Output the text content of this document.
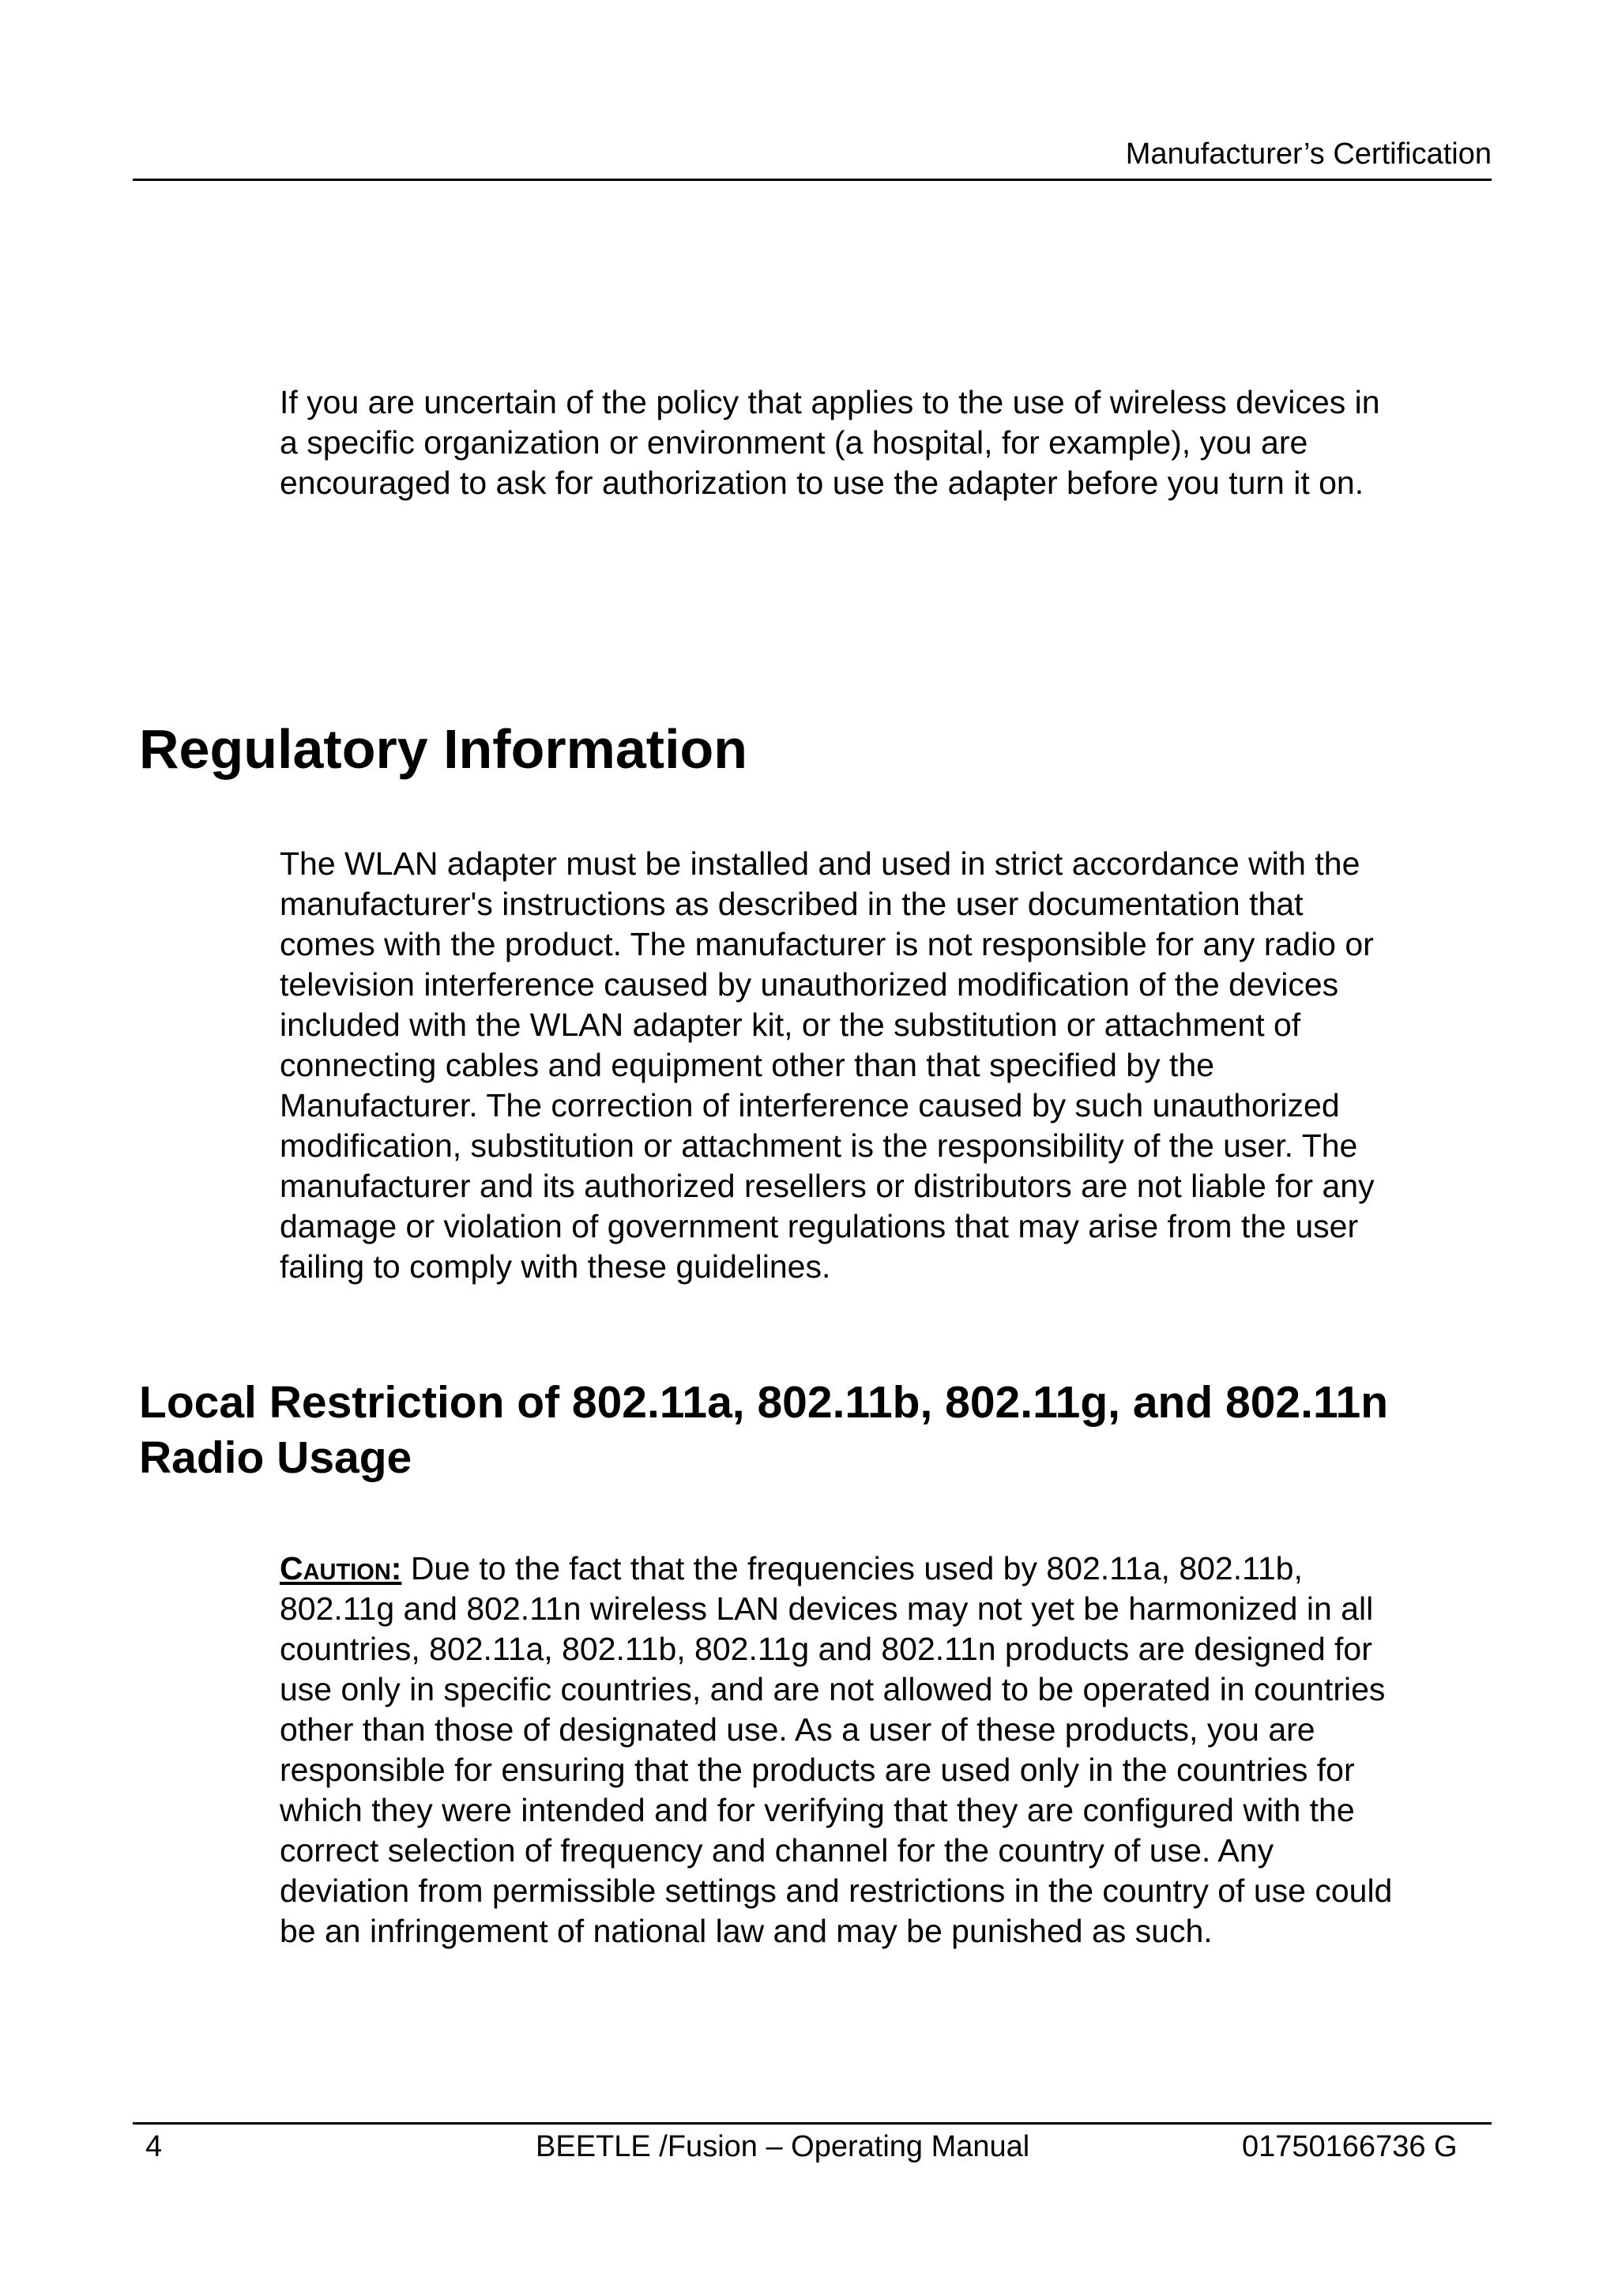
Manufacturer’s Certification

If you are uncertain of the policy that applies to the use of wireless devices in
a specific organization or environment (a hospital, for example), you are
encouraged to ask for authorization to use the adapter before you turn it on.

Regulatory Information

The WLAN adapter must be installed and used in strict accordance with the
manufacturer's instructions as described in the user documentation that
comes with the product. The manufacturer is not responsible for any radio or
television interference caused by unauthorized modification of the devices
included with the WLAN adapter kit, or the substitution or attachment of
connecting cables and equipment other than that specified by the
Manufacturer. The correction of interference caused by such unauthorized
modification, substitution or attachment is the responsibility of the user. The
manufacturer and its authorized resellers or distributors are not liable for any
damage or violation of government regulations that may arise from the user
failing to comply with these guidelines.

Local Restriction of 802.11a, 802.11b, 802.11g, and 802.11n
Radio Usage

Caution: Due to the fact that the frequencies used by 802.11a, 802.11b,
802.11g and 802.11n wireless LAN devices may not yet be harmonized in all
countries, 802.11a, 802.11b, 802.11g and 802.11n products are designed for
use only in specific countries, and are not allowed to be operated in countries
other than those of designated use. As a user of these products, you are
responsible for ensuring that the products are used only in the countries for
which they were intended and for verifying that they are configured with the
correct selection of frequency and channel for the country of use. Any
deviation from permissible settings and restrictions in the country of use could
be an infringement of national law and may be punished as such.

4	BEETLE /Fusion – Operating Manual	01750166736 G
